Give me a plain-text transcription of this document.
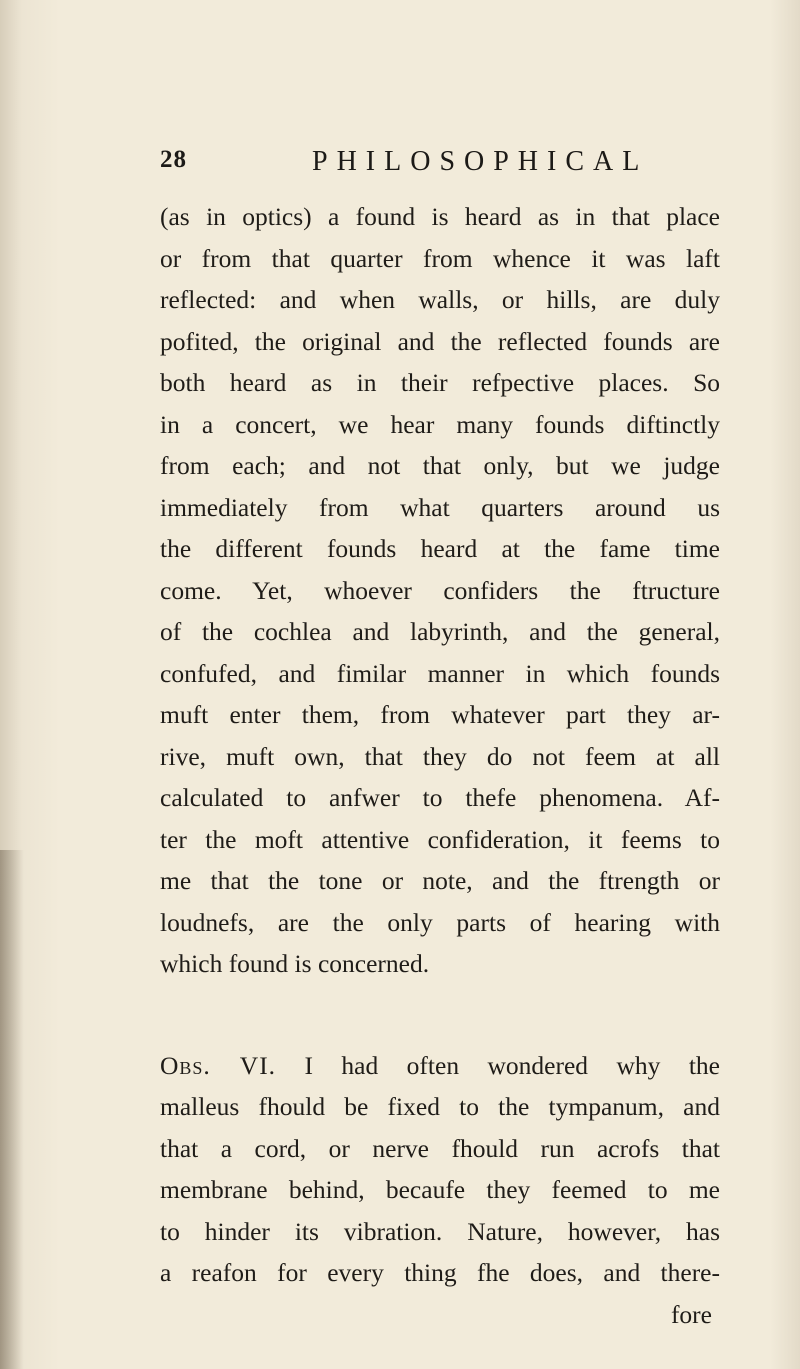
28	PHILOSOPHICAL
(as in optics) a found is heard as in that place
or from that quarter from whence it was laft
reflected: and when walls, or hills, are duly
pofited, the original and the reflected founds are
both heard as in their refpective places. So
in a concert, we hear many founds diftinctly
from each; and not that only, but we judge
immediately from what quarters around us
the different founds heard at the fame time
come. Yet, whoever confiders the ftructure
of the cochlea and labyrinth, and the general,
confufed, and fimilar manner in which founds
muft enter them, from whatever part they ar-
rive, muft own, that they do not feem at all
calculated to anfwer to thefe phenomena. Af-
ter the moft attentive confideration, it feems to
me that the tone or note, and the ftrength or
loudnefs, are the only parts of hearing with
which found is concerned.
Obs. VI. I had often wondered why the
malleus fhould be fixed to the tympanum, and
that a cord, or nerve fhould run acrofs that
membrane behind, becaufe they feemed to me
to hinder its vibration. Nature, however, has
a reafon for every thing fhe does, and there-
fore
